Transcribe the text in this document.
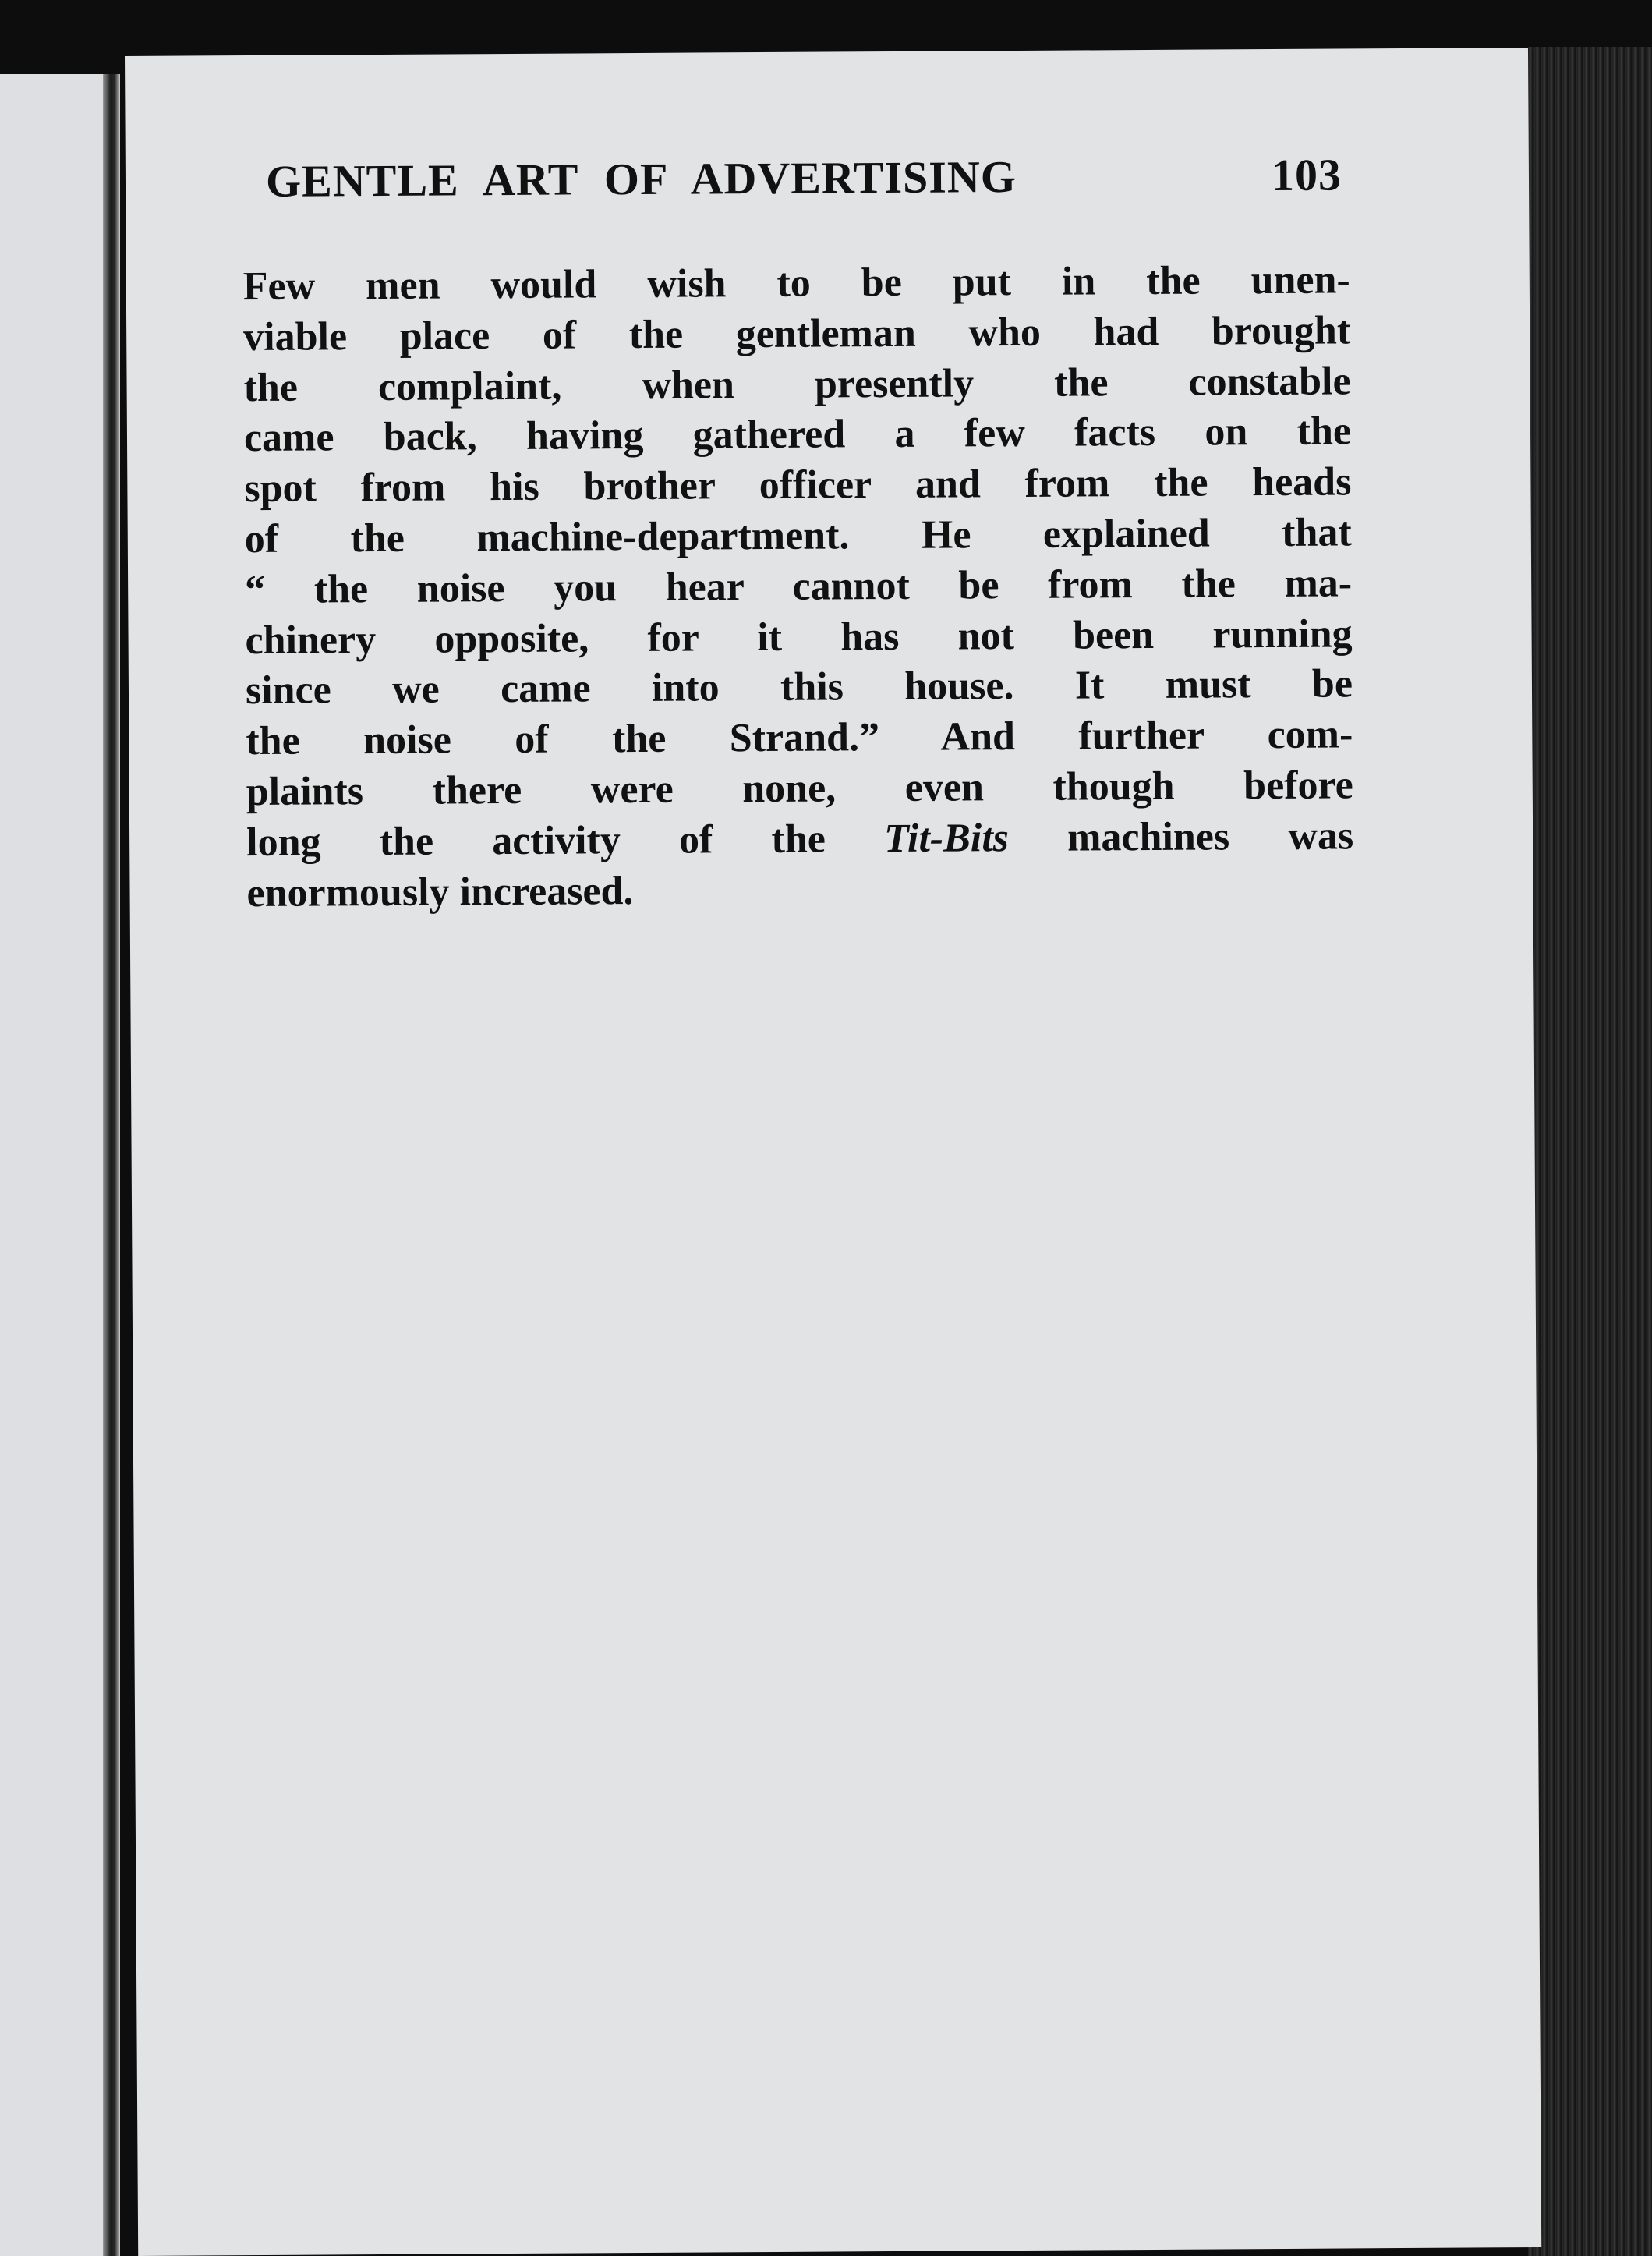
GENTLE ART OF ADVERTISING	103
Few men would wish to be put in the unen-
viable place of the gentleman who had brought
the complaint, when presently the constable
came back, having gathered a few facts on the
spot from his brother officer and from the heads
of the machine-department. He explained that
“ the noise you hear cannot be from the ma-
chinery opposite, for it has not been running
since we came into this house. It must be
the noise of the Strand.” And further com-
plaints there were none, even though before
long the activity of the Tit-Bits machines was
enormously increased.
